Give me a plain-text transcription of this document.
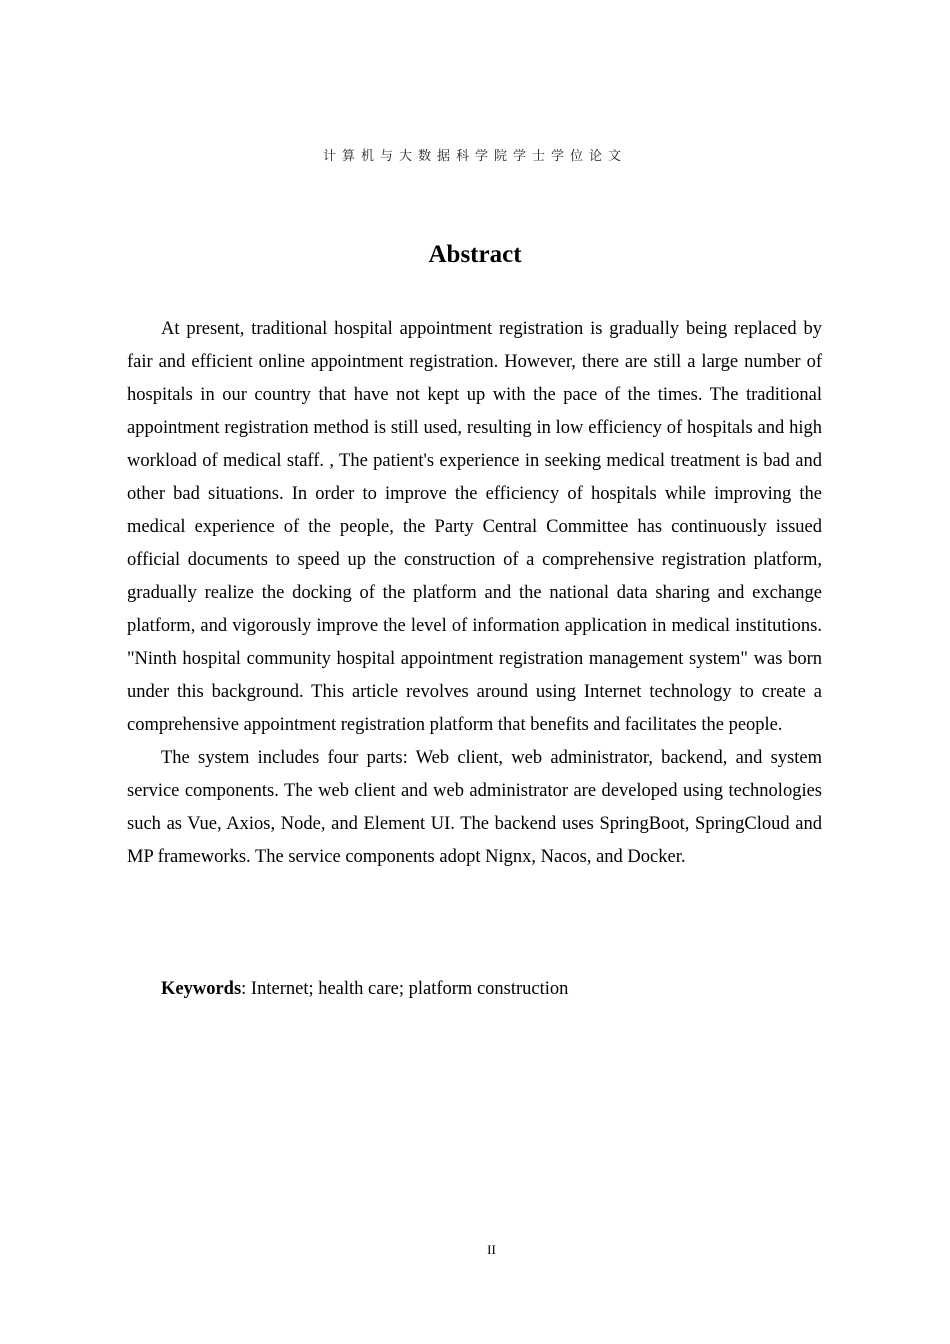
计算机与大数据科学院学士学位论文
Abstract

At present, traditional hospital appointment registration is gradually being replaced by fair and efficient online appointment registration. However, there are still a large number of hospitals in our country that have not kept up with the pace of the times. The traditional appointment registration method is still used, resulting in low efficiency of hospitals and high workload of medical staff. , The patient's experience in seeking medical treatment is bad and other bad situations. In order to improve the efficiency of hospitals while improving the medical experience of the people, the Party Central Committee has continuously issued official documents to speed up the construction of a comprehensive registration platform, gradually realize the docking of the platform and the national data sharing and exchange platform, and vigorously improve the level of information application in medical institutions. "Ninth hospital community hospital appointment registration management system" was born under this background. This article revolves around using Internet technology to create a comprehensive appointment registration platform that benefits and facilitates the people.

The system includes four parts: Web client, web administrator, backend, and system service components. The web client and web administrator are developed using technologies such as Vue, Axios, Node, and Element UI. The backend uses SpringBoot, SpringCloud and MP frameworks. The service components adopt Nignx, Nacos, and Docker.

Keywords: Internet; health care; platform construction
II
